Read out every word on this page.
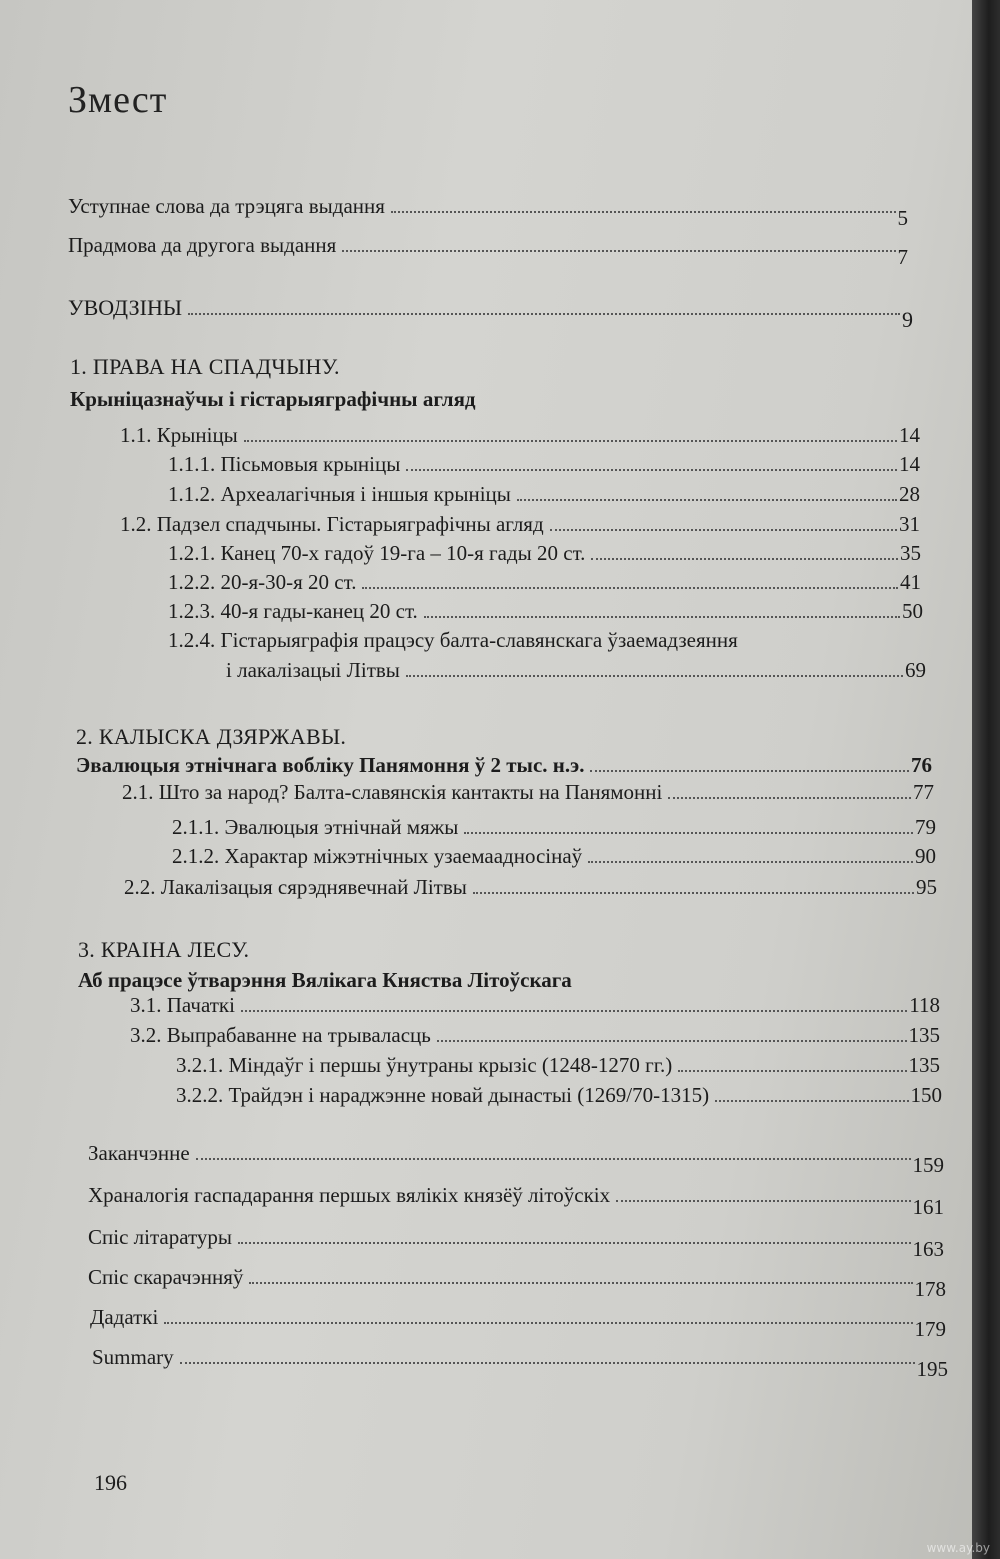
Змест
Уступнае слова да трэцяга выдання	5
Прадмова да другога выдання	7
УВОДЗІНЫ	9
1. ПРАВА НА СПАДЧЫНУ.
Крыніцазнаўчы і гістарыяграфічны агляд
1.1. Крыніцы	14
1.1.1. Пісьмовыя крыніцы	14
1.1.2. Археалагічныя і іншыя крыніцы	28
1.2. Падзел спадчыны. Гістарыяграфічны агляд	31
1.2.1. Канец 70-х гадоў 19-га – 10-я гады 20 ст.	35
1.2.2. 20-я-30-я 20 ст.	41
1.2.3. 40-я гады-канец 20 ст.	50
1.2.4. Гістарыяграфія працэсу балта-славянскага ўзаемадзеяння
і лакалізацыі Літвы	69
2. КАЛЫСКА ДЗЯРЖАВЫ.
Эвалюцыя этнічнага вобліку Панямоння ў 2 тыс. н.э.	76
2.1. Што за народ? Балта-славянскія кантакты на Панямонні	77
2.1.1. Эвалюцыя этнічнай мяжы	79
2.1.2. Характар міжэтнічных узаемаадносінаў	90
2.2. Лакалізацыя сярэднявечнай Літвы	95
3. КРАІНА ЛЕСУ.
Аб працэсе ўтварэння Вялікага Княства Літоўскага
3.1. Пачаткі	118
3.2. Выпрабаванне на трываласць	135
3.2.1. Міндаўг і першы ўнутраны крызіс (1248-1270 гг.)	135
3.2.2. Трайдэн і нараджэнне новай дынастыі (1269/70-1315)	150
Заканчэнне	159
Храналогія гаспадарання першых вялікіх князёў літоўскіх	161
Спіс літаратуры	163
Спіс скарачэнняў	178
Дадаткі	179
Summary	195
196
www.ay.by
